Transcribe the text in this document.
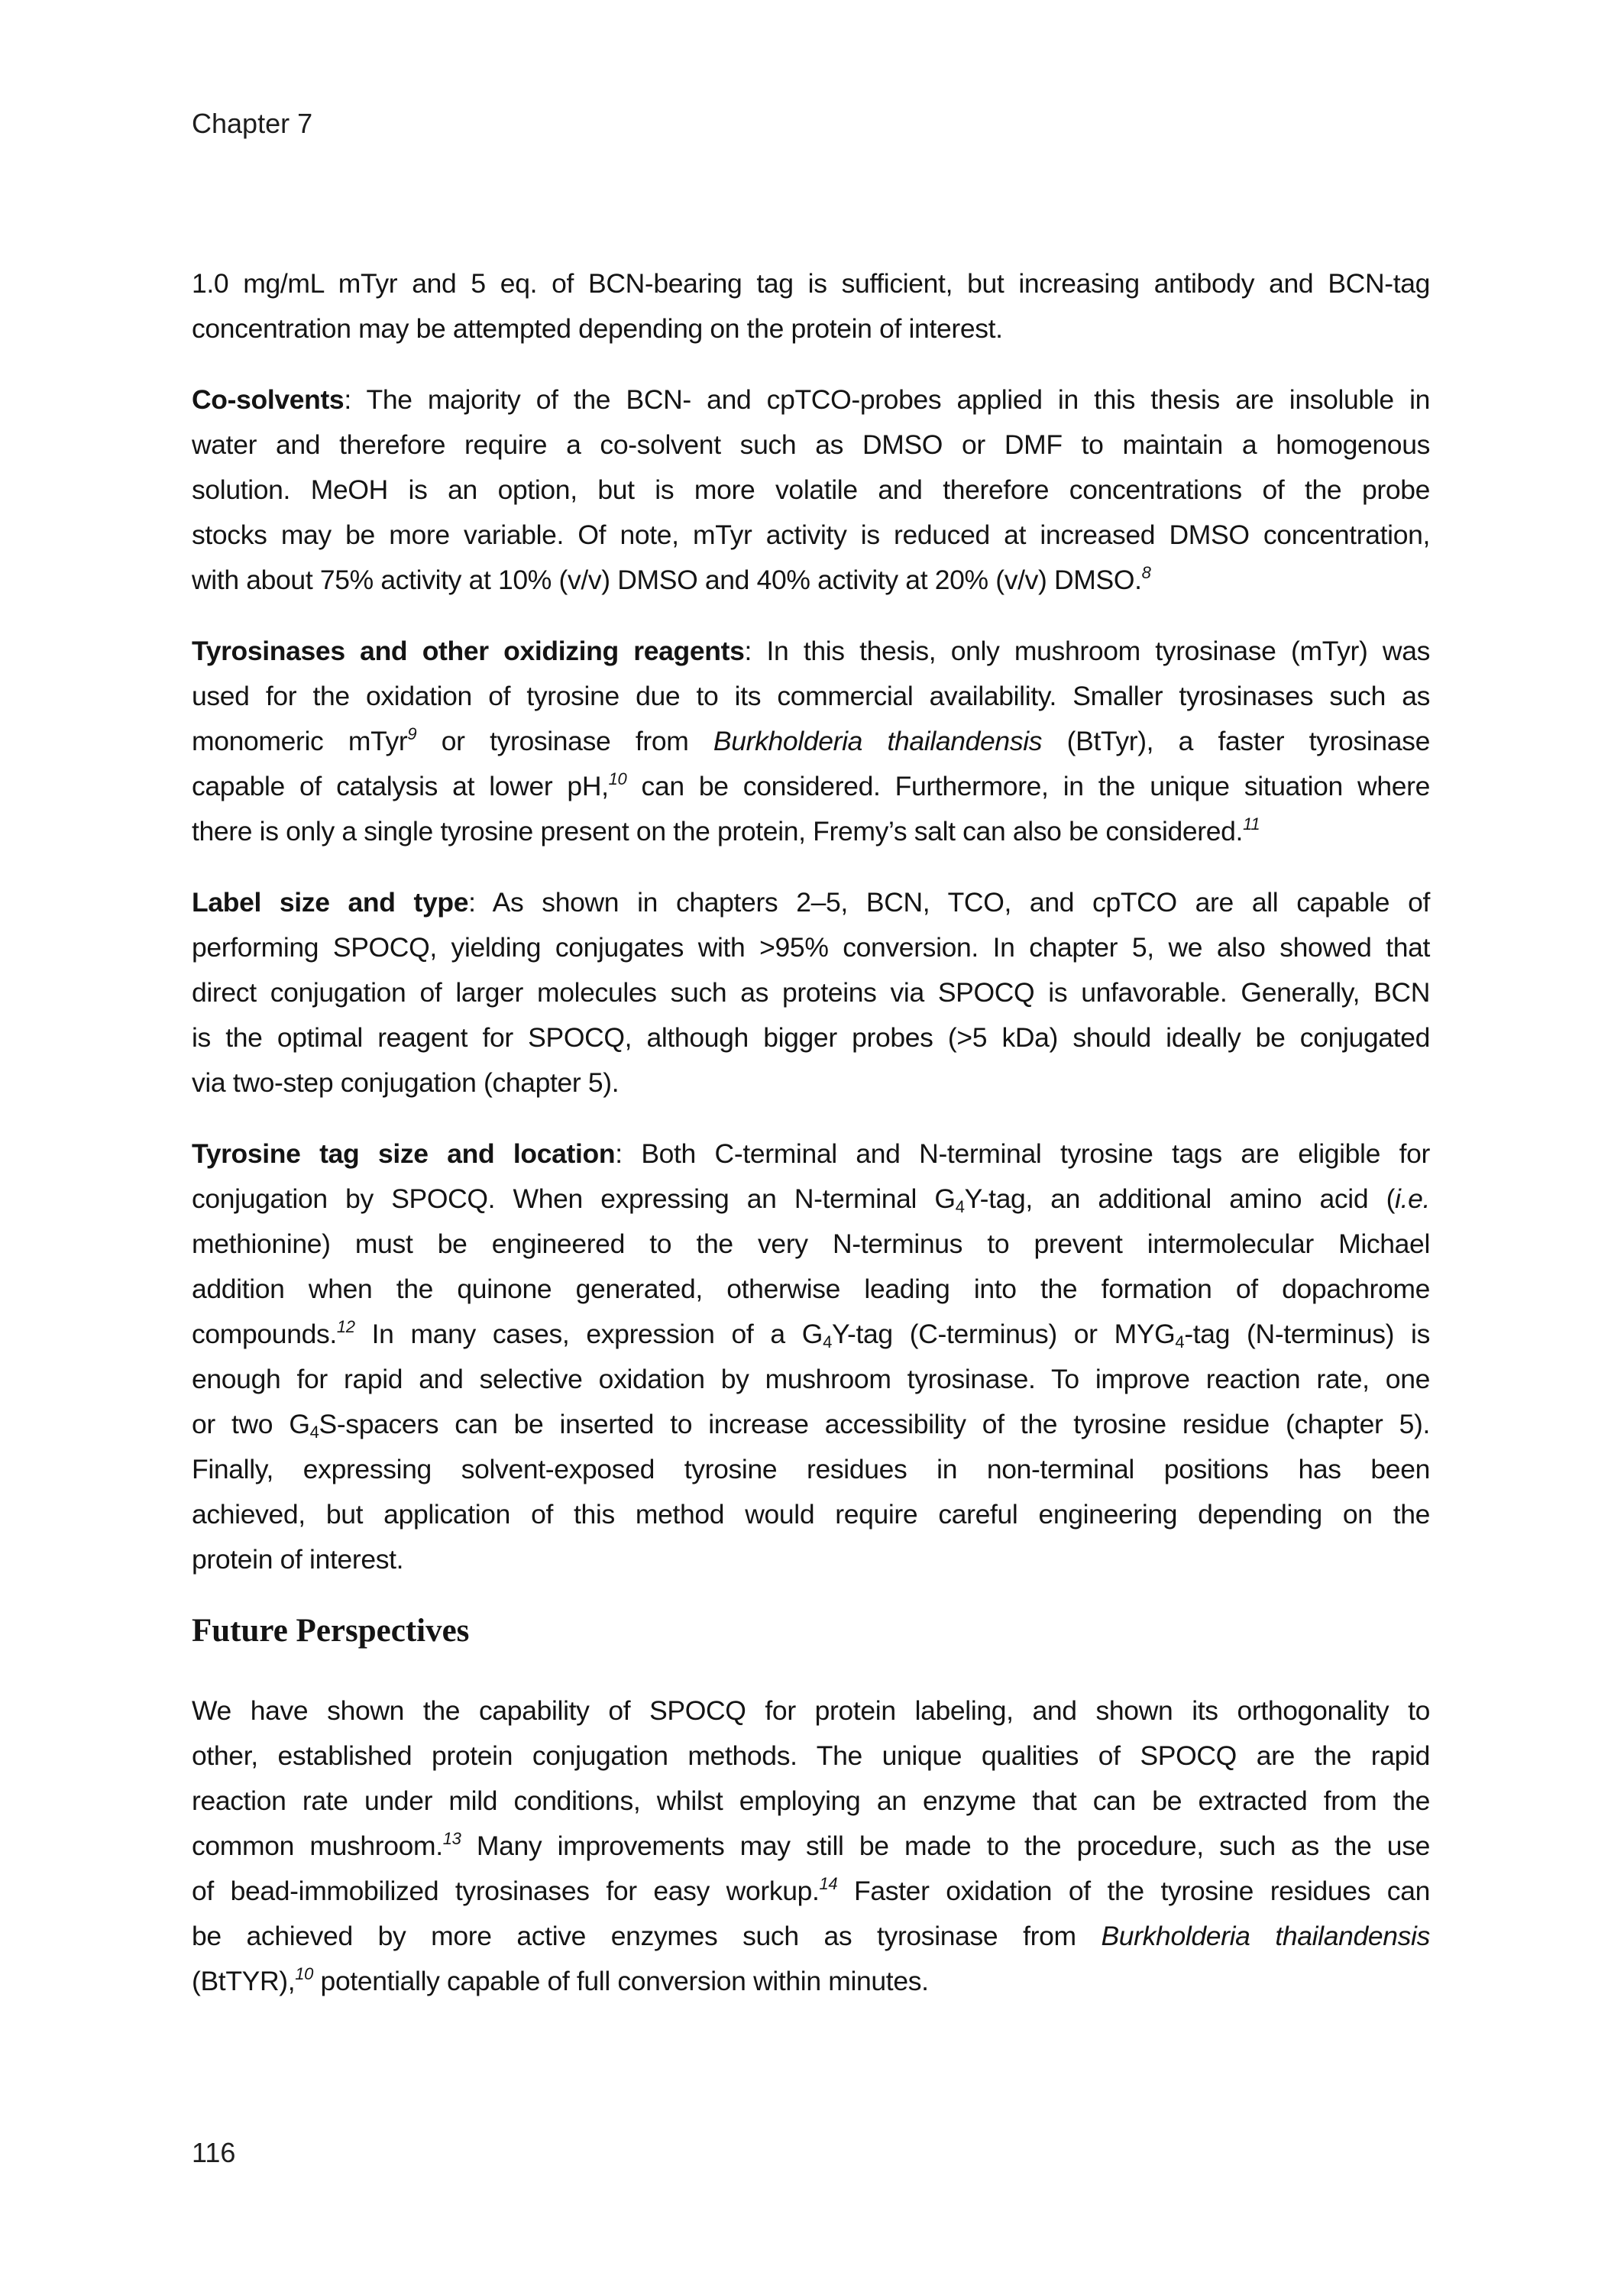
Chapter 7
1.0 mg/mL mTyr and 5 eq. of BCN-bearing tag is sufficient, but increasing antibody and BCN-tag
concentration may be attempted depending on the protein of interest.
Co-solvents: The majority of the BCN- and cpTCO-probes applied in this thesis are insoluble in
water and therefore require a co-solvent such as DMSO or DMF to maintain a homogenous
solution. MeOH is an option, but is more volatile and therefore concentrations of the probe
stocks may be more variable. Of note, mTyr activity is reduced at increased DMSO concentration,
with about 75% activity at 10% (v/v) DMSO and 40% activity at 20% (v/v) DMSO.$^8$
Tyrosinases and other oxidizing reagents: In this thesis, only mushroom tyrosinase (mTyr) was
used for the oxidation of tyrosine due to its commercial availability. Smaller tyrosinases such as
monomeric mTyr$^9$ or tyrosinase from Burkholderia thailandensis (BtTyr), a faster tyrosinase
capable of catalysis at lower pH,$^{10}$ can be considered. Furthermore, in the unique situation where
there is only a single tyrosine present on the protein, Fremy’s salt can also be considered.$^{11}$
Label size and type: As shown in chapters 2–5, BCN, TCO, and cpTCO are all capable of
performing SPOCQ, yielding conjugates with >95% conversion. In chapter 5, we also showed that
direct conjugation of larger molecules such as proteins via SPOCQ is unfavorable. Generally, BCN
is the optimal reagent for SPOCQ, although bigger probes (>5 kDa) should ideally be conjugated
via two-step conjugation (chapter 5).
Tyrosine tag size and location: Both C-terminal and N-terminal tyrosine tags are eligible for
conjugation by SPOCQ. When expressing an N-terminal $G_4Y$-tag, an additional amino acid (i.e.
methionine) must be engineered to the very N-terminus to prevent intermolecular Michael
addition when the quinone generated, otherwise leading into the formation of dopachrome
compounds.$^{12}$ In many cases, expression of a $G_4Y$-tag (C-terminus) or $MYG_4$-tag (N-terminus) is
enough for rapid and selective oxidation by mushroom tyrosinase. To improve reaction rate, one
or two $G_4S$-spacers can be inserted to increase accessibility of the tyrosine residue (chapter 5).
Finally, expressing solvent-exposed tyrosine residues in non-terminal positions has been
achieved, but application of this method would require careful engineering depending on the
protein of interest.
Future Perspectives
We have shown the capability of SPOCQ for protein labeling, and shown its orthogonality to
other, established protein conjugation methods. The unique qualities of SPOCQ are the rapid
reaction rate under mild conditions, whilst employing an enzyme that can be extracted from the
common mushroom.$^{13}$ Many improvements may still be made to the procedure, such as the use
of bead-immobilized tyrosinases for easy workup.$^{14}$ Faster oxidation of the tyrosine residues can
be achieved by more active enzymes such as tyrosinase from Burkholderia thailandensis
(BtTYR),$^{10}$ potentially capable of full conversion within minutes.
116
